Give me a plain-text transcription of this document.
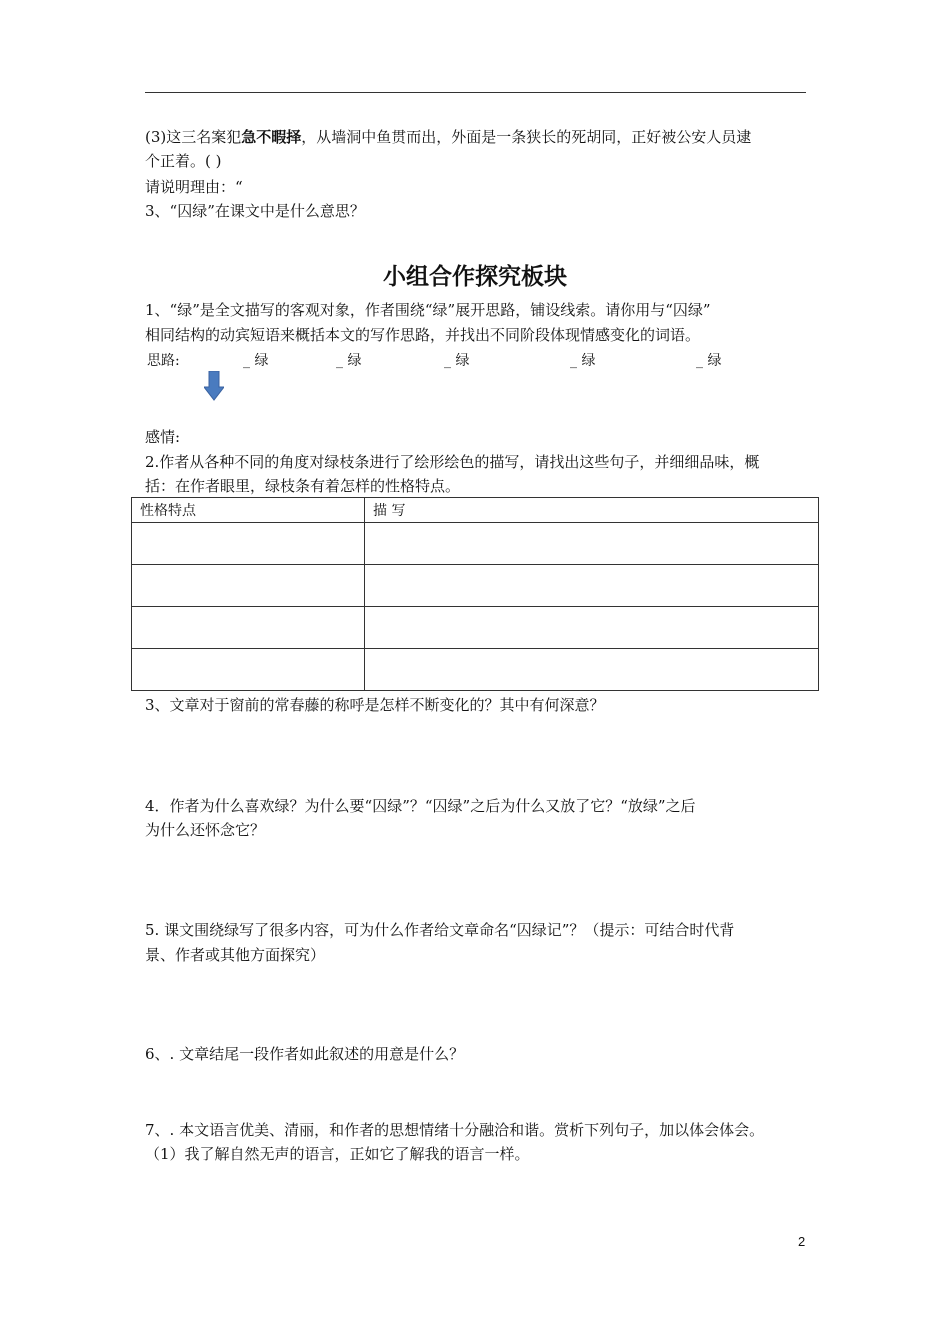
(3)这三名案犯急不暇择，从墙洞中鱼贯而出，外面是一条狭长的死胡同，正好被公安人员逮
个正着。( )
请说明理由：“
3、“囚绿”在课文中是什么意思？
小组合作探究板块
1、“绿”是全文描写的客观对象，作者围绕“绿”展开思路，铺设线索。请你用与“囚绿”
相同结构的动宾短语来概括本文的写作思路，并找出不同阶段体现情感变化的词语。
思路:	_ 绿	_ 绿	_ 绿	_ 绿	_ 绿
感情:
2.作者从各种不同的角度对绿枝条进行了绘形绘色的描写，请找出这些句子，并细细品味，概
括：在作者眼里，绿枝条有着怎样的性格特点。
性格特点	描 写

3、文章对于窗前的常春藤的称呼是怎样不断变化的？其中有何深意？
4．作者为什么喜欢绿？为什么要“囚绿”？“囚绿”之后为什么又放了它？“放绿”之后
为什么还怀念它？
5. 课文围绕绿写了很多内容，可为什么作者给文章命名“囚绿记”？（提示：可结合时代背
景、作者或其他方面探究）
6、. 文章结尾一段作者如此叙述的用意是什么？
7、. 本文语言优美、清丽，和作者的思想情绪十分融洽和谐。赏析下列句子，加以体会体会。
（1）我了解自然无声的语言，正如它了解我的语言一样。
2
